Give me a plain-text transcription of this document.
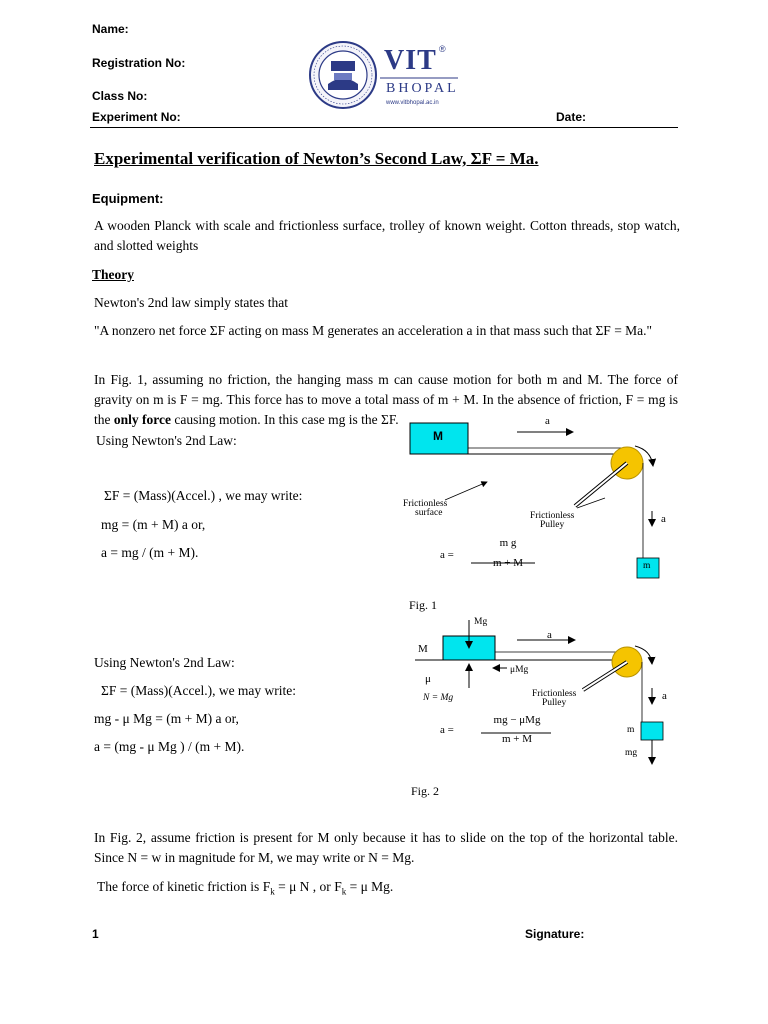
Name:
Registration No:
Class No:
Experiment No:	Date:
VIT ®
BHOPAL
www.vitbhopal.ac.in
Experimental verification of Newton’s Second Law, ΣF = Ma.
Equipment:
A wooden Planck with scale and frictionless surface, trolley of known weight. Cotton threads, stop watch, and slotted weights
Theory
Newton's 2nd law simply states that
"A nonzero net force ΣF acting on mass M generates an acceleration a in that mass such that ΣF = Ma."
In Fig. 1, assuming no friction, the hanging mass m can cause motion for both m and M. The force of gravity on m is F = mg. This force has to move a total mass of m + M. In the absence of friction, F = mg is the only force causing motion. In this case mg is the ΣF.
Using Newton's 2nd Law:
ΣF = (Mass)(Accel.) , we may write:
mg = (m + M) a or,
a = mg / (m + M).
M
a
Frictionless
surface	Frictionless
Pulley	a
m
a =
m g
m + M
Fig. 1
Using Newton's 2nd Law:
ΣF = (Mass)(Accel.), we may write:
mg - μ Mg = (m + M) a or,
a = (mg - μ Mg ) / (m + M).
Mg
M
a
μ
μMg
N = Mg	Frictionless
Pulley
a
m
mg
a =
mg − μMg
m + M
Fig. 2
In Fig. 2, assume friction is present for M only because it has to slide on the top of the horizontal table. Since N = w in magnitude for M, we may write or N = Mg.
The force of kinetic friction is $F_k = \mu$ N , or $F_k = \mu$ Mg.
1	Signature:
